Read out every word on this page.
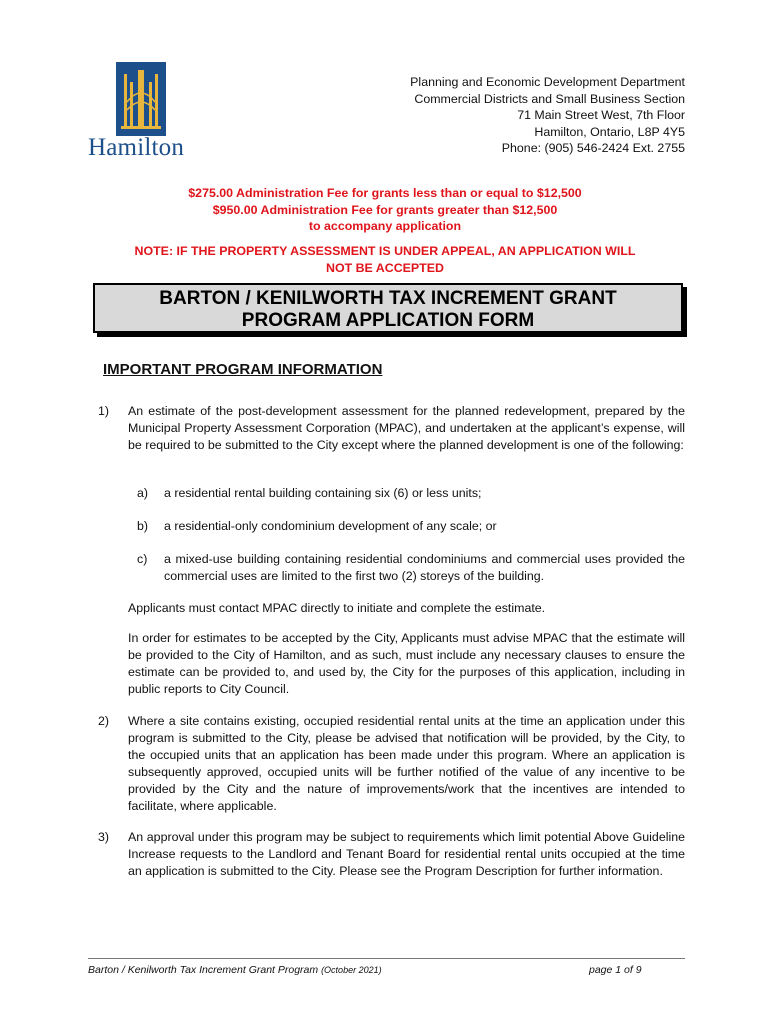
Hamilton
Planning and Economic Development Department
Commercial Districts and Small Business Section
71 Main Street West, 7th Floor
Hamilton, Ontario, L8P 4Y5
Phone: (905) 546-2424 Ext. 2755
$275.00 Administration Fee for grants less than or equal to $12,500
$950.00 Administration Fee for grants greater than $12,500
to accompany application
NOTE: IF THE PROPERTY ASSESSMENT IS UNDER APPEAL, AN APPLICATION WILL
NOT BE ACCEPTED
BARTON / KENILWORTH TAX INCREMENT GRANT
PROGRAM APPLICATION FORM
IMPORTANT PROGRAM INFORMATION
1) An estimate of the post-development assessment for the planned redevelopment, prepared by the Municipal Property Assessment Corporation (MPAC), and undertaken at the applicant’s expense, will be required to be submitted to the City except where the planned development is one of the following:
a) a residential rental building containing six (6) or less units;
b) a residential-only condominium development of any scale; or
c) a mixed-use building containing residential condominiums and commercial uses provided the commercial uses are limited to the first two (2) storeys of the building.
Applicants must contact MPAC directly to initiate and complete the estimate.
In order for estimates to be accepted by the City, Applicants must advise MPAC that the estimate will be provided to the City of Hamilton, and as such, must include any necessary clauses to ensure the estimate can be provided to, and used by, the City for the purposes of this application, including in public reports to City Council.
2) Where a site contains existing, occupied residential rental units at the time an application under this program is submitted to the City, please be advised that notification will be provided, by the City, to the occupied units that an application has been made under this program. Where an application is subsequently approved, occupied units will be further notified of the value of any incentive to be provided by the City and the nature of improvements/work that the incentives are intended to facilitate, where applicable.
3) An approval under this program may be subject to requirements which limit potential Above Guideline Increase requests to the Landlord and Tenant Board for residential rental units occupied at the time an application is submitted to the City. Please see the Program Description for further information.
Barton / Kenilworth Tax Increment Grant Program (October 2021)	page 1 of 9
